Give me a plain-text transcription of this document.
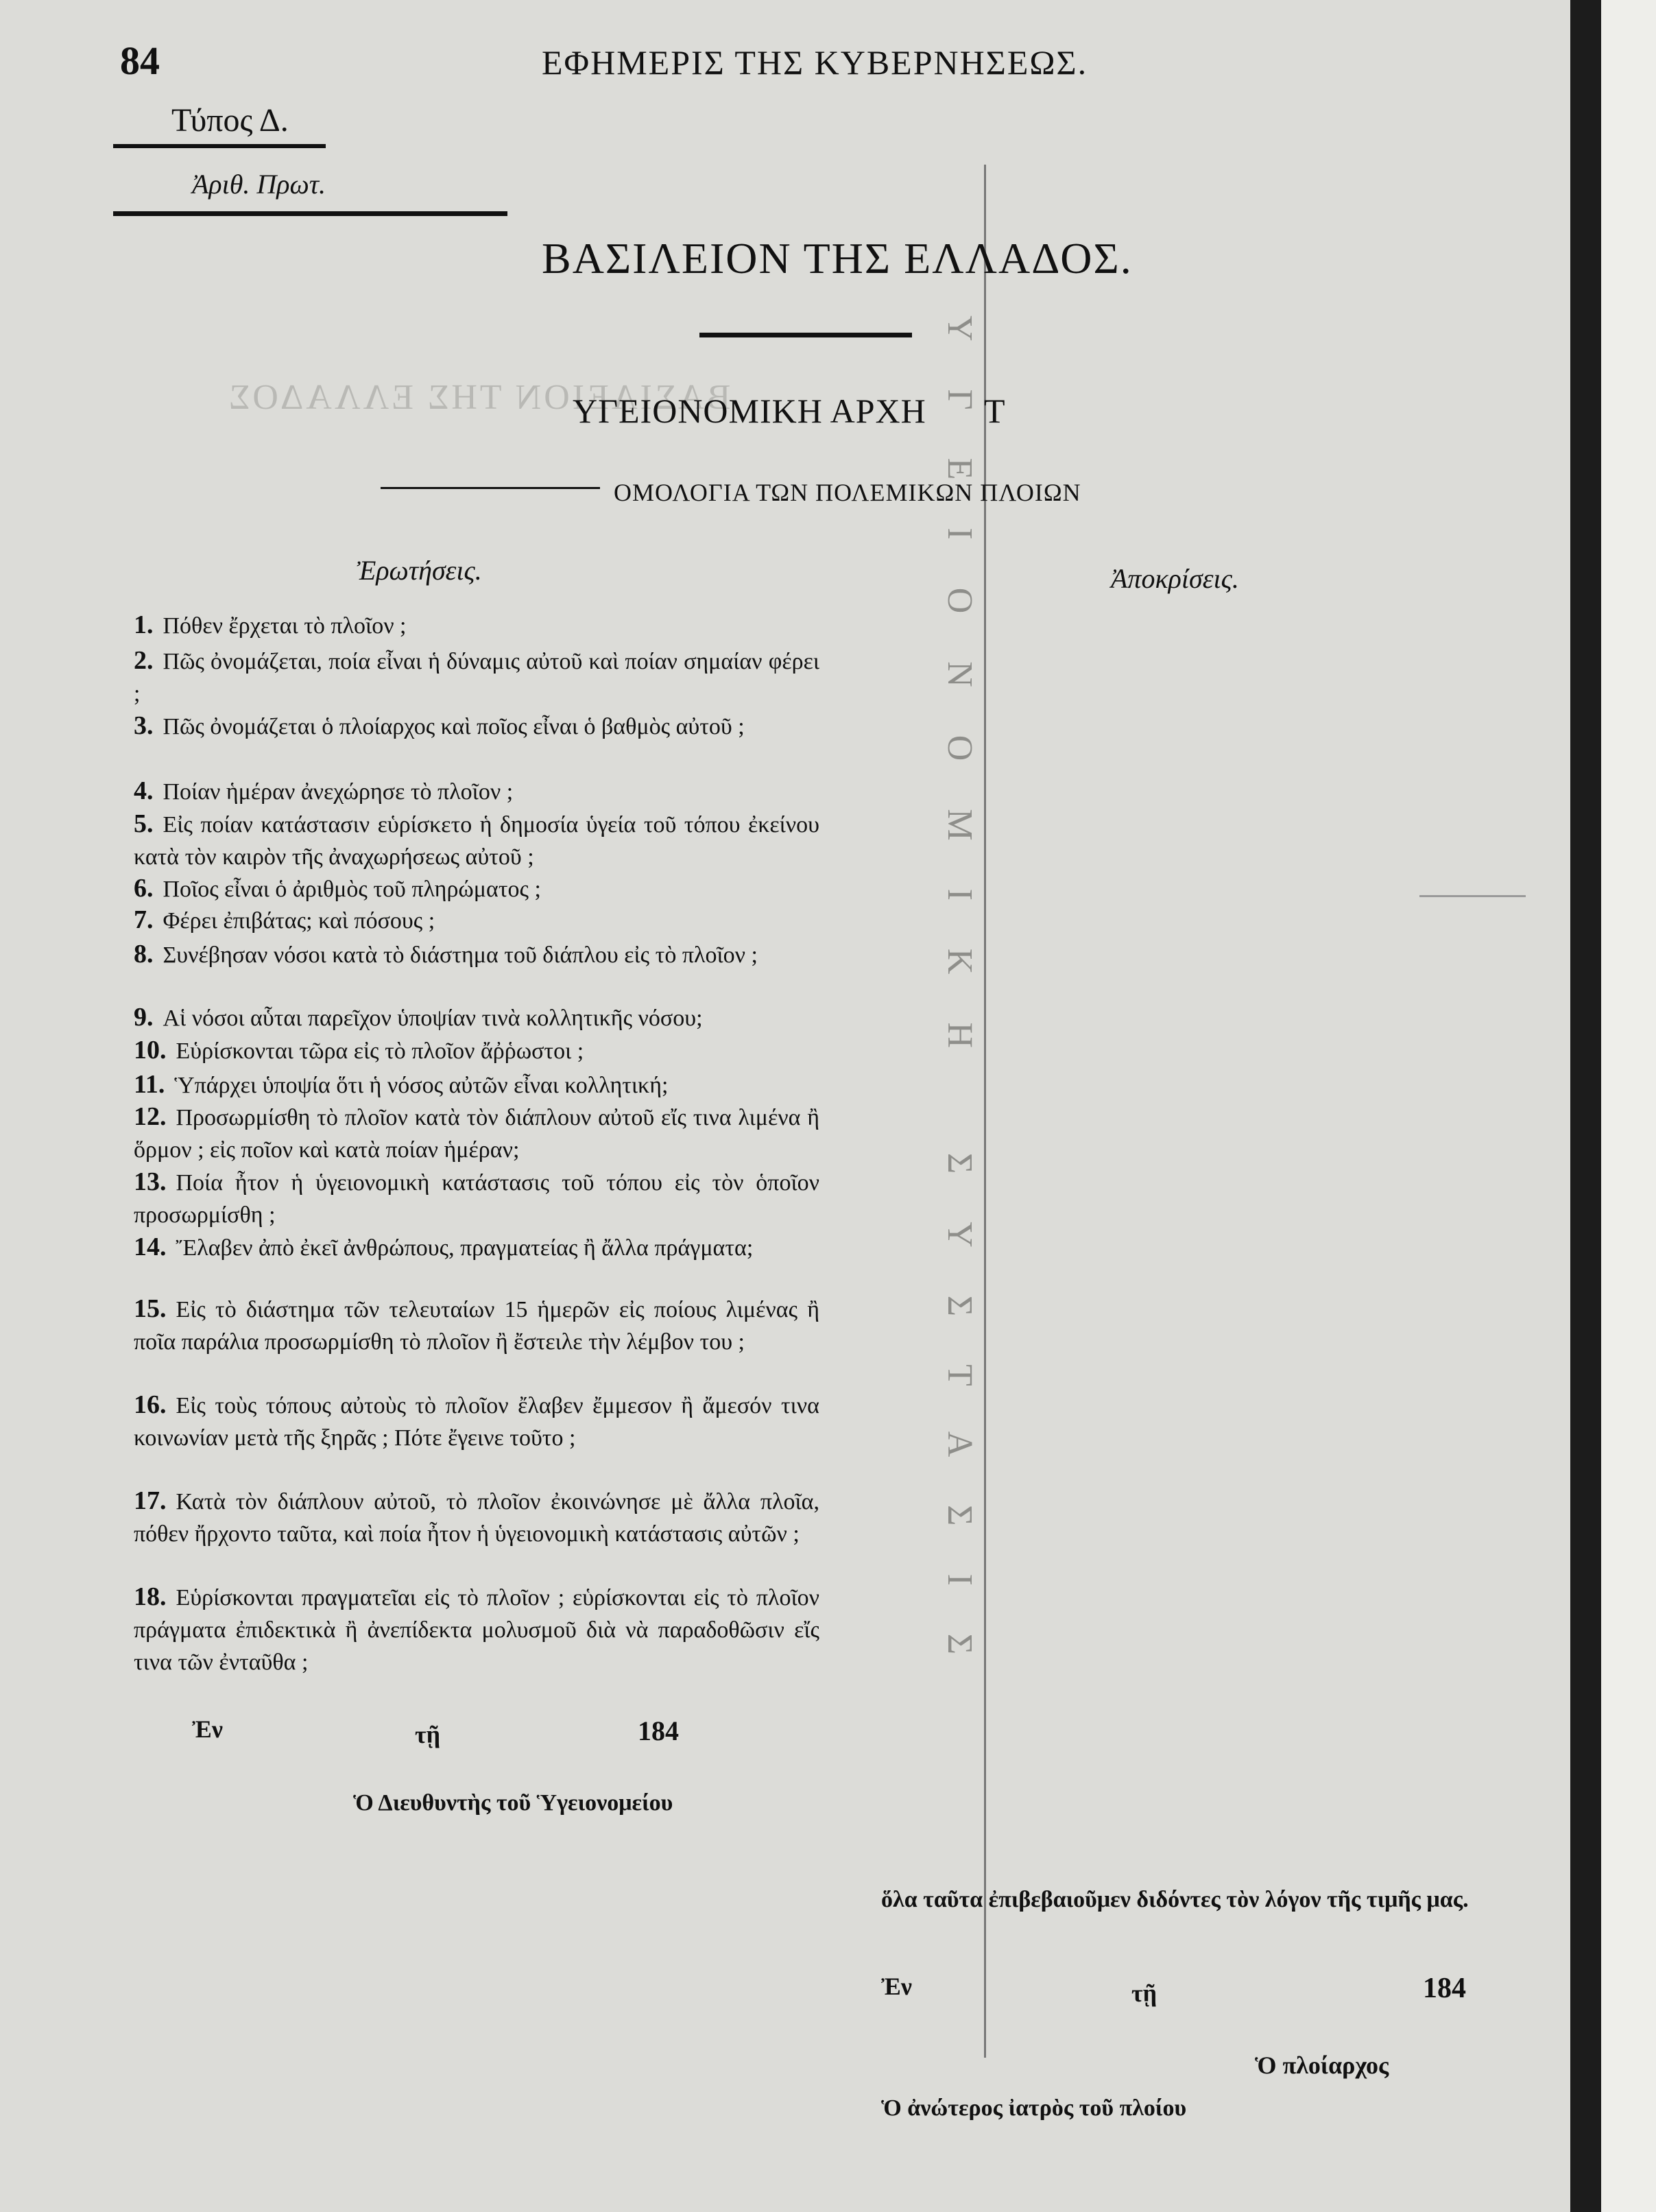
ΒΑΣΙΛΕΙΟΝ ΤΗΣ ΕΛΛΑΔΟΣ	ΥΓΕΙΟΝΟΜΙΚΗ ΣΥΣΤΑΣΙΣ
84	ΕΦΗΜΕΡΙΣ ΤΗΣ ΚΥΒΕΡΝΗΣΕΩΣ.
Τύπος Δ.
Ἀριθ. Πρωτ.
ΒΑΣΙΛΕΙΟΝ ΤΗΣ ΕΛΛΑΔΟΣ.
ΥΓΕΙΟΝΟΜΙΚΗ ΑΡΧΗ Τ
ΟΜΟΛΟΓΙΑ ΤΩΝ ΠΟΛΕΜΙΚΩΝ ΠΛΟΙΩΝ
Ἐρωτήσεις.	Ἀποκρίσεις.
1. Πόθεν ἔρχεται τὸ πλοῖον ;
2. Πῶς ὀνομάζεται, ποία εἶναι ἡ δύναμις αὐτοῦ καὶ ποίαν σημαίαν φέρει ;
3. Πῶς ὀνομάζεται ὁ πλοίαρχος καὶ ποῖος εἶναι ὁ βαθμὸς αὐτοῦ ;
4. Ποίαν ἡμέραν ἀνεχώρησε τὸ πλοῖον ;
5. Εἰς ποίαν κατάστασιν εὑρίσκετο ἡ δημοσία ὑγεία τοῦ τόπου ἐκείνου κατὰ τὸν καιρὸν τῆς ἀναχωρήσεως αὐτοῦ ;
6. Ποῖος εἶναι ὁ ἀριθμὸς τοῦ πληρώματος ;
7. Φέρει ἐπιβάτας; καὶ πόσους ;
8. Συνέβησαν νόσοι κατὰ τὸ διάστημα τοῦ διάπλου εἰς τὸ πλοῖον ;
9. Αἱ νόσοι αὗται παρεῖχον ὑποψίαν τινὰ κολλητικῆς νόσου;
10. Εὑρίσκονται τῶρα εἰς τὸ πλοῖον ἄῤῥωστοι ;
11. Ὑπάρχει ὑποψία ὅτι ἡ νόσος αὐτῶν εἶναι κολλητική;
12. Προσωρμίσθη τὸ πλοῖον κατὰ τὸν διάπλουν αὐτοῦ εἴς τινα λιμένα ἢ ὅρμον ; εἰς ποῖον καὶ κατὰ ποίαν ἡμέραν;
13. Ποία ἦτον ἡ ὑγειονομικὴ κατάστασις τοῦ τόπου εἰς τὸν ὁποῖον προσωρμίσθη ;
14. Ἔλαβεν ἀπὸ ἐκεῖ ἀνθρώπους, πραγματείας ἢ ἄλλα πράγματα;
15. Εἰς τὸ διάστημα τῶν τελευταίων 15 ἡμερῶν εἰς ποίους λιμένας ἢ ποῖα παράλια προσωρμίσθη τὸ πλοῖον ἢ ἔστειλε τὴν λέμβον του ;
16. Εἰς τοὺς τόπους αὐτοὺς τὸ πλοῖον ἔλαβεν ἔμμεσον ἢ ἄμεσόν τινα κοινωνίαν μετὰ τῆς ξηρᾶς ; Πότε ἔγεινε τοῦτο ;
17. Κατὰ τὸν διάπλουν αὐτοῦ, τὸ πλοῖον ἐκοινώνησε μὲ ἄλλα πλοῖα, πόθεν ἤρχοντο ταῦτα, καὶ ποία ἦτον ἡ ὑγειονομικὴ κατάστασις αὐτῶν ;
18. Εὑρίσκονται πραγματεῖαι εἰς τὸ πλοῖον ; εὑρίσκονται εἰς τὸ πλοῖον πράγματα ἐπιδεκτικὰ ἢ ἀνεπίδεκτα μολυσμοῦ διὰ νὰ παραδοθῶσιν εἴς τινα τῶν ἐνταῦθα ;
Ἐν	τῇ	184
Ὁ Διευθυντὴς τοῦ Ὑγειονομείου
ὅλα ταῦτα ἐπιβεβαιοῦμεν διδόντες τὸν λόγον τῆς τιμῆς μας.
Ἐν	τῇ	184
Ὁ πλοίαρχος
Ὁ ἀνώτερος ἰατρὸς τοῦ πλοίου
